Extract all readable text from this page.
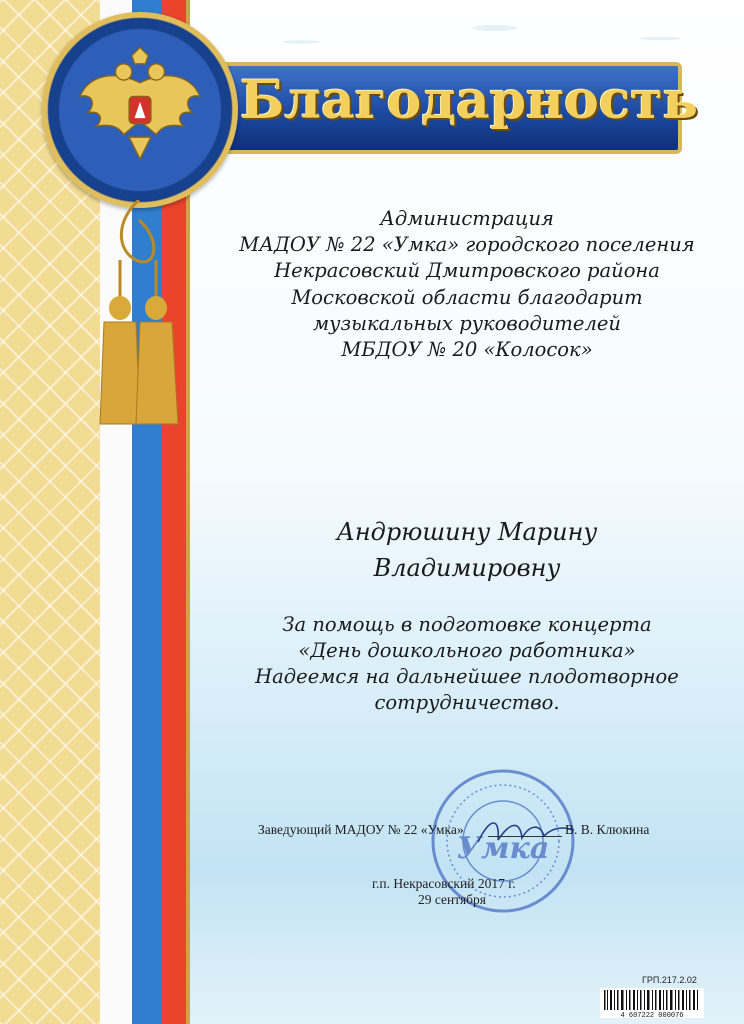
Благодарность
Администрация
МАДОУ № 22 «Умка» городского поселения
Некрасовский Дмитровского района
Московской области благодарит
музыкальных руководителей
МБДОУ № 20 «Колосок»
Андрюшину Марину
Владимировну
За помощь в подготовке концерта
«День дошкольного работника»
Надеемся на дальнейшее плодотворное
сотрудничество.
Умка
Заведующий МАДОУ № 22 «Умка»	В. В. Клюкина
г.п. Некрасовский 2017 г.
29 сентября
ГРП.217.2.02
4 607222 000076
